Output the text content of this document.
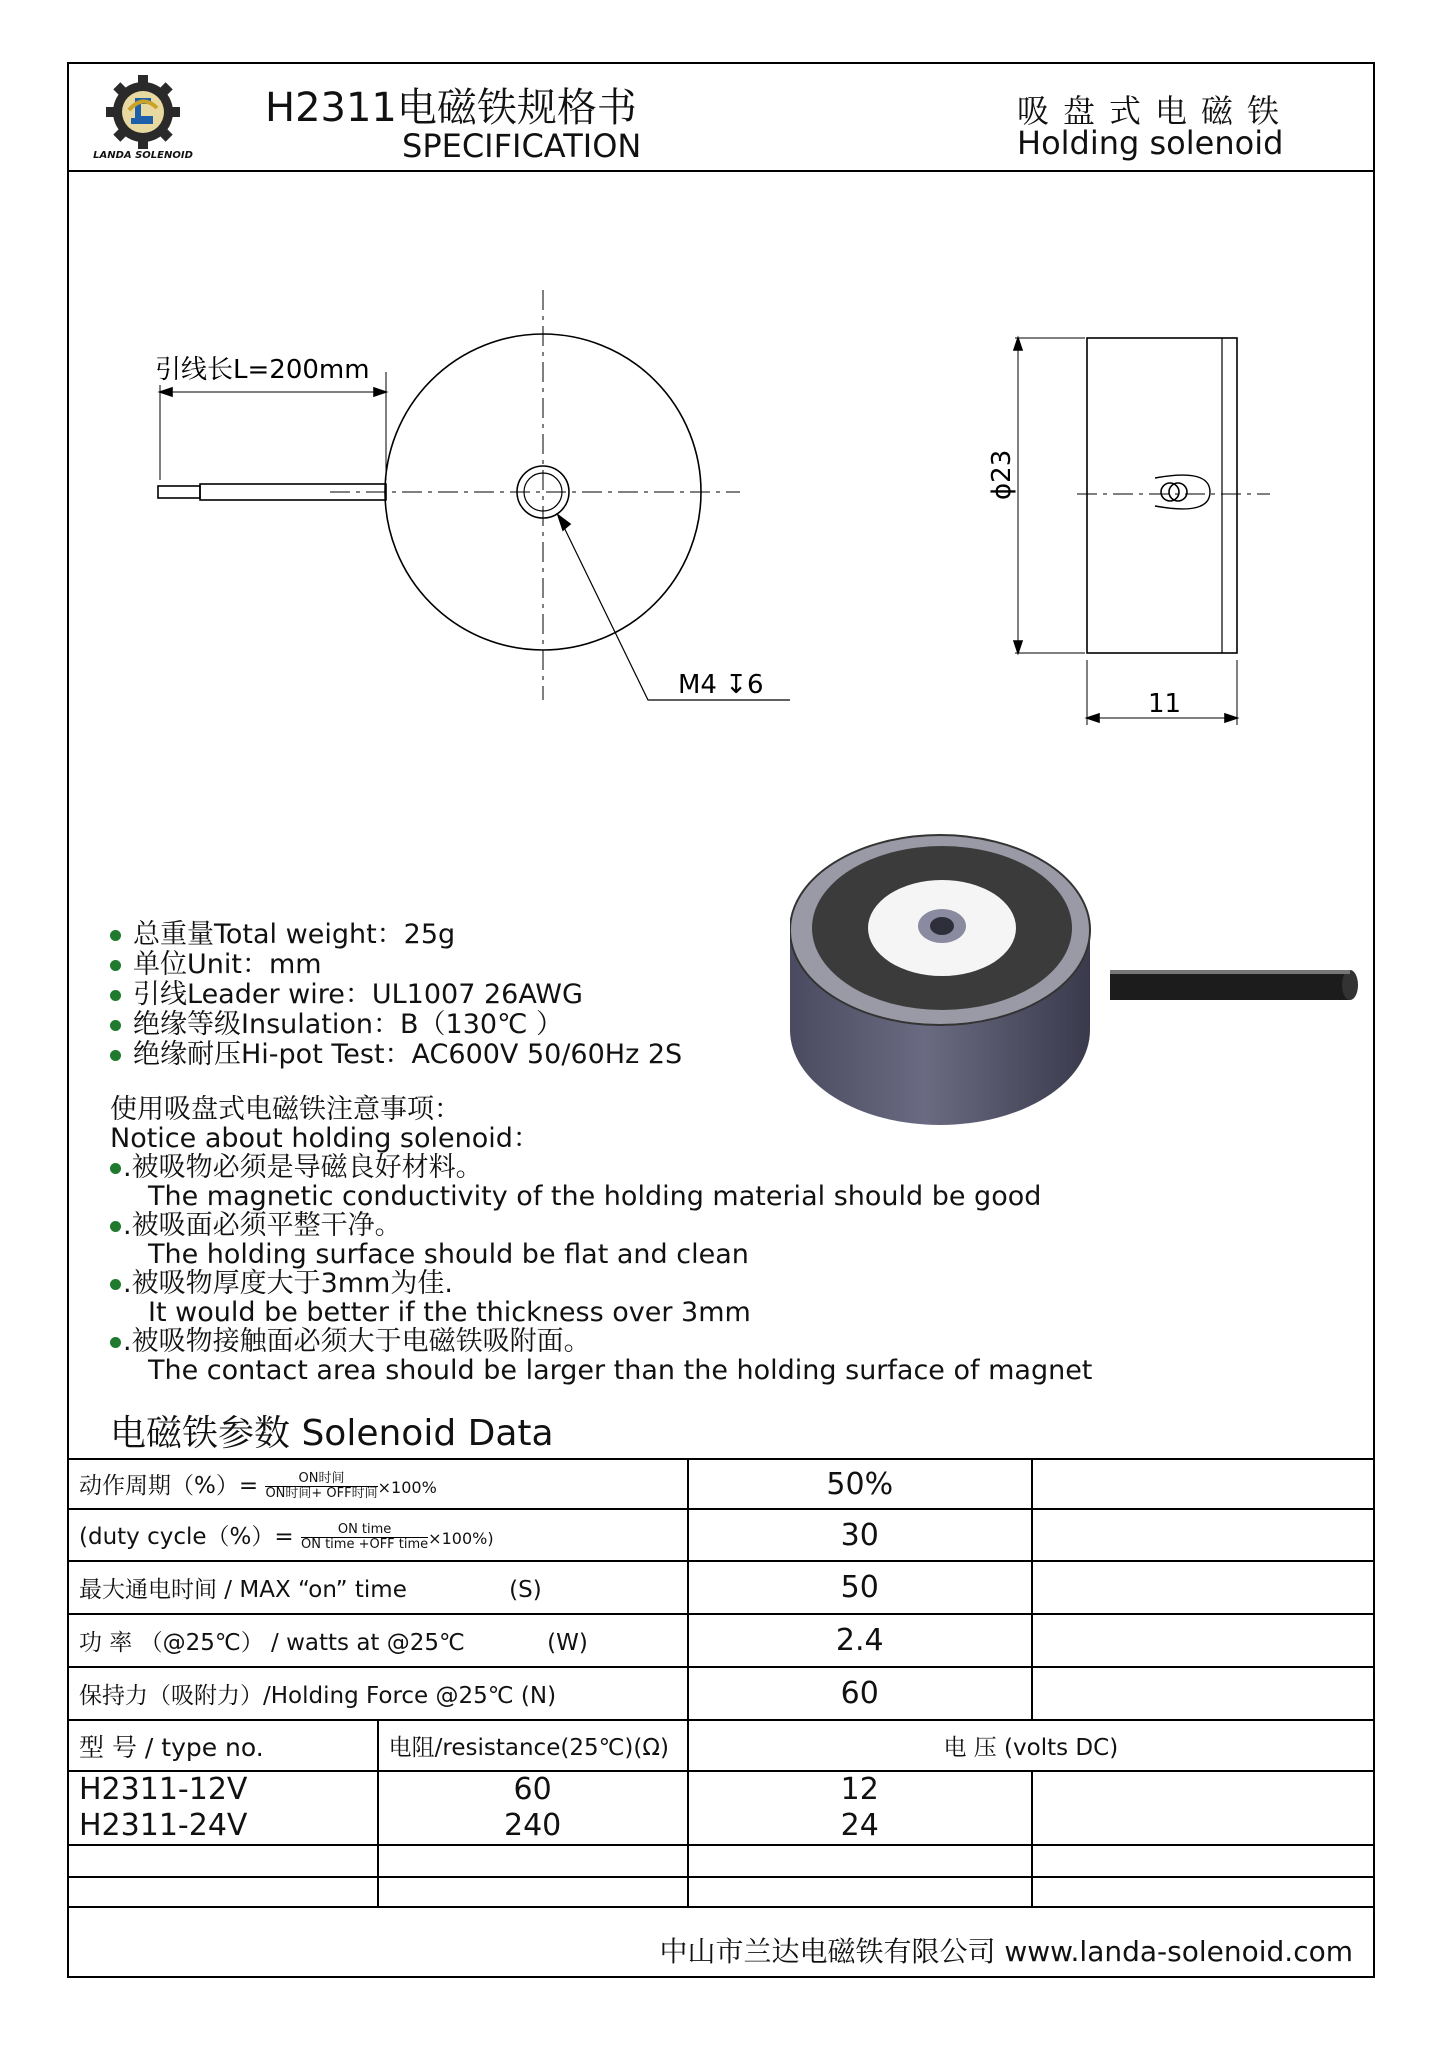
LANDA SOLENOID
H2311电磁铁规格书
SPECIFICATION
吸盘式电磁铁
Holding solenoid
引线长L=200mm
M4 ↧6
ϕ23
11
总重量Total weight：25g
单位Unit：mm
引线Leader wire：UL1007 26AWG
绝缘等级Insulation：B（130℃ ）
绝缘耐压Hi-pot Test：AC600V 50/60Hz 2S
使用吸盘式电磁铁注意事项：
Notice about holding solenoid：
.被吸物必须是导磁良好材料。
The magnetic conductivity of the holding material should be good
.被吸面必须平整干净。
The holding surface should be flat and clean
.被吸物厚度大于3mm为佳.
It would be better if the thickness over 3mm
.被吸物接触面必须大于电磁铁吸附面。
The contact area should be larger than the holding surface of magnet
电磁铁参数 Solenoid Data
动作周期（%）= ON时间
ON时间+ OFF时间 ×100%		50%	
(duty cycle（%）= ON time
ON time +OFF time ×100%)		30	
最大通电时间 / MAX “on” time (S)		50	
功 率 （@25℃） / watts at @25℃ (W)		2.4	
保持力（吸附力）/Holding Force @25℃ (N)		60	
型 号 / type no.	电阻/resistance(25℃)(Ω)	电 压 (volts DC)	
H2311-12V	60	12	
H2311-24V	240	24	

中山市兰达电磁铁有限公司 www.landa-solenoid.com
